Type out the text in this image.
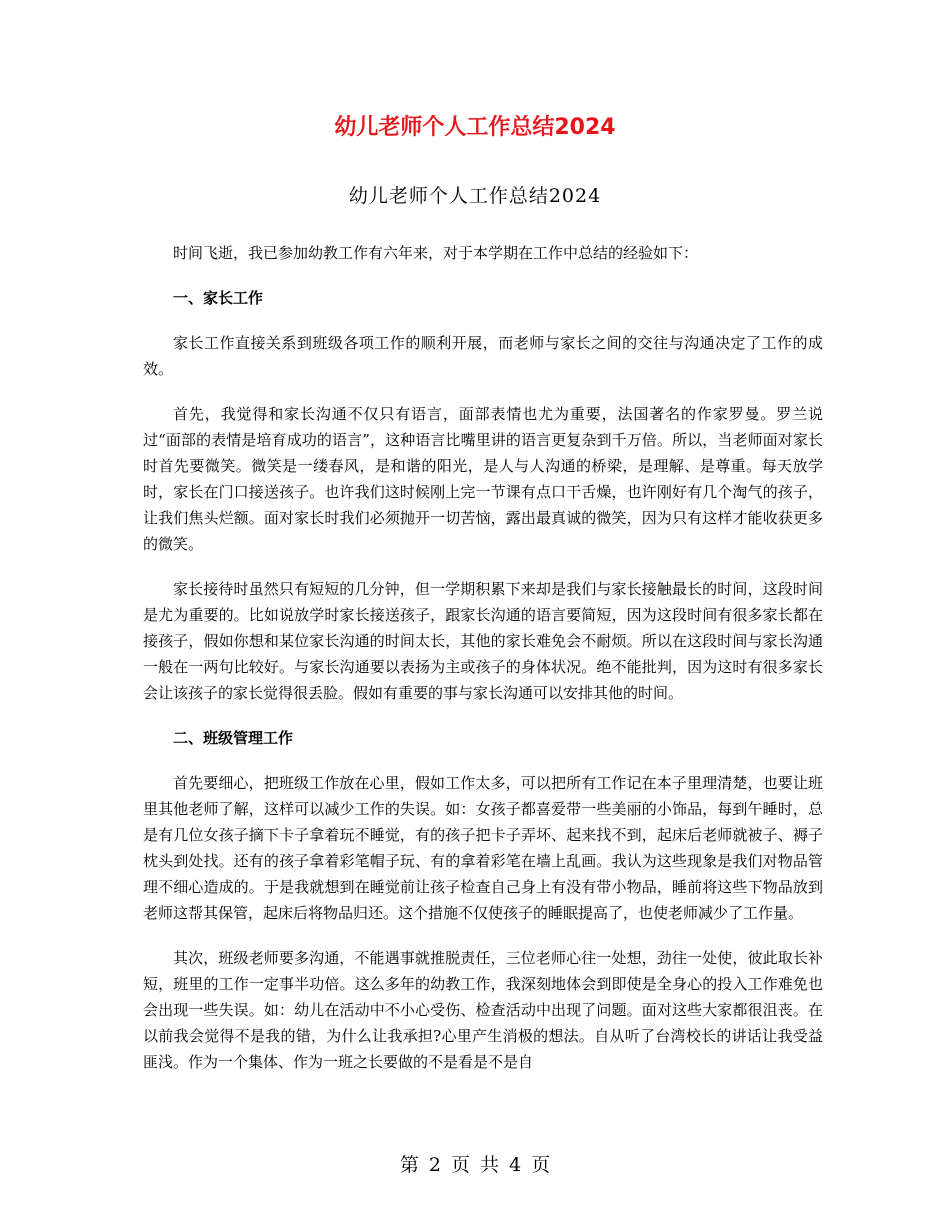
幼儿老师个人工作总结2024
幼儿老师个人工作总结2024

时间飞逝，我已参加幼教工作有六年来，对于本学期在工作中总结的经验如下：

一、家长工作

家长工作直接关系到班级各项工作的顺利开展，而老师与家长之间的交往与沟通决定了工作的成效。

首先，我觉得和家长沟通不仅只有语言，面部表情也尤为重要，法国著名的作家罗曼。罗兰说过“面部的表情是培育成功的语言”，这种语言比嘴里讲的语言更复杂到千万倍。所以，当老师面对家长时首先要微笑。微笑是一缕春风，是和谐的阳光，是人与人沟通的桥梁，是理解、是尊重。每天放学时，家长在门口接送孩子。也许我们这时候刚上完一节课有点口干舌燥，也许刚好有几个淘气的孩子，让我们焦头烂额。面对家长时我们必须抛开一切苦恼，露出最真诚的微笑，因为只有这样才能收获更多的微笑。

家长接待时虽然只有短短的几分钟，但一学期积累下来却是我们与家长接触最长的时间，这段时间是尤为重要的。比如说放学时家长接送孩子，跟家长沟通的语言要简短，因为这段时间有很多家长都在接孩子，假如你想和某位家长沟通的时间太长，其他的家长难免会不耐烦。所以在这段时间与家长沟通一般在一两句比较好。与家长沟通要以表扬为主或孩子的身体状况。绝不能批判，因为这时有很多家长会让该孩子的家长觉得很丢脸。假如有重要的事与家长沟通可以安排其他的时间。

二、班级管理工作

首先要细心，把班级工作放在心里，假如工作太多，可以把所有工作记在本子里理清楚，也要让班里其他老师了解，这样可以减少工作的失误。如：女孩子都喜爱带一些美丽的小饰品，每到午睡时，总是有几位女孩子摘下卡子拿着玩不睡觉，有的孩子把卡子弄坏、起来找不到，起床后老师就被子、褥子枕头到处找。还有的孩子拿着彩笔帽子玩、有的拿着彩笔在墙上乱画。我认为这些现象是我们对物品管理不细心造成的。于是我就想到在睡觉前让孩子检查自己身上有没有带小物品，睡前将这些下物品放到老师这帮其保管，起床后将物品归还。这个措施不仅使孩子的睡眠提高了，也使老师减少了工作量。

其次，班级老师要多沟通，不能遇事就推脱责任，三位老师心往一处想，劲往一处使，彼此取长补短，班里的工作一定事半功倍。这么多年的幼教工作，我深刻地体会到即使是全身心的投入工作难免也会出现一些失误。如：幼儿在活动中不小心受伤、检查活动中出现了问题。面对这些大家都很沮丧。在以前我会觉得不是我的错，为什么让我承担?心里产生消极的想法。自从听了台湾校长的讲话让我受益匪浅。作为一个集体、作为一班之长要做的不是看是不是自

第 2 页 共 4 页
